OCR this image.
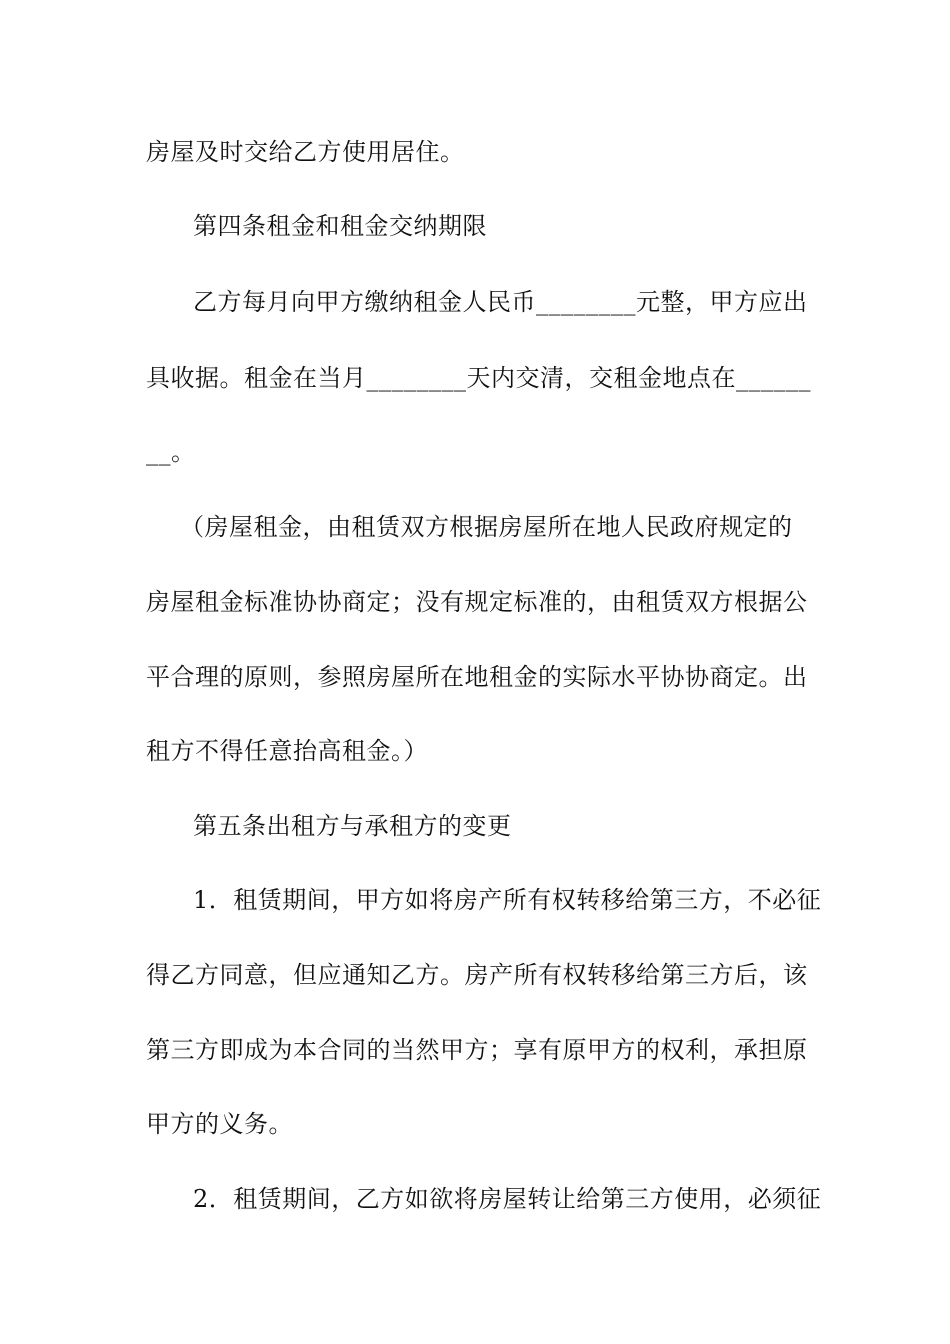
房屋及时交给乙方使用居住。
第四条租金和租金交纳期限
乙方每月向甲方缴纳租金人民币________元整，甲方应出
具收据。租金在当月________天内交清，交租金地点在______
__。
（房屋租金，由租赁双方根据房屋所在地人民政府规定的
房屋租金标准协协商定；没有规定标准的，由租赁双方根据公
平合理的原则，参照房屋所在地租金的实际水平协协商定。出
租方不得任意抬高租金。）
第五条出租方与承租方的变更
1．租赁期间，甲方如将房产所有权转移给第三方，不必征
得乙方同意，但应通知乙方。房产所有权转移给第三方后，该
第三方即成为本合同的当然甲方；享有原甲方的权利，承担原
甲方的义务。
2．租赁期间，乙方如欲将房屋转让给第三方使用，必须征
